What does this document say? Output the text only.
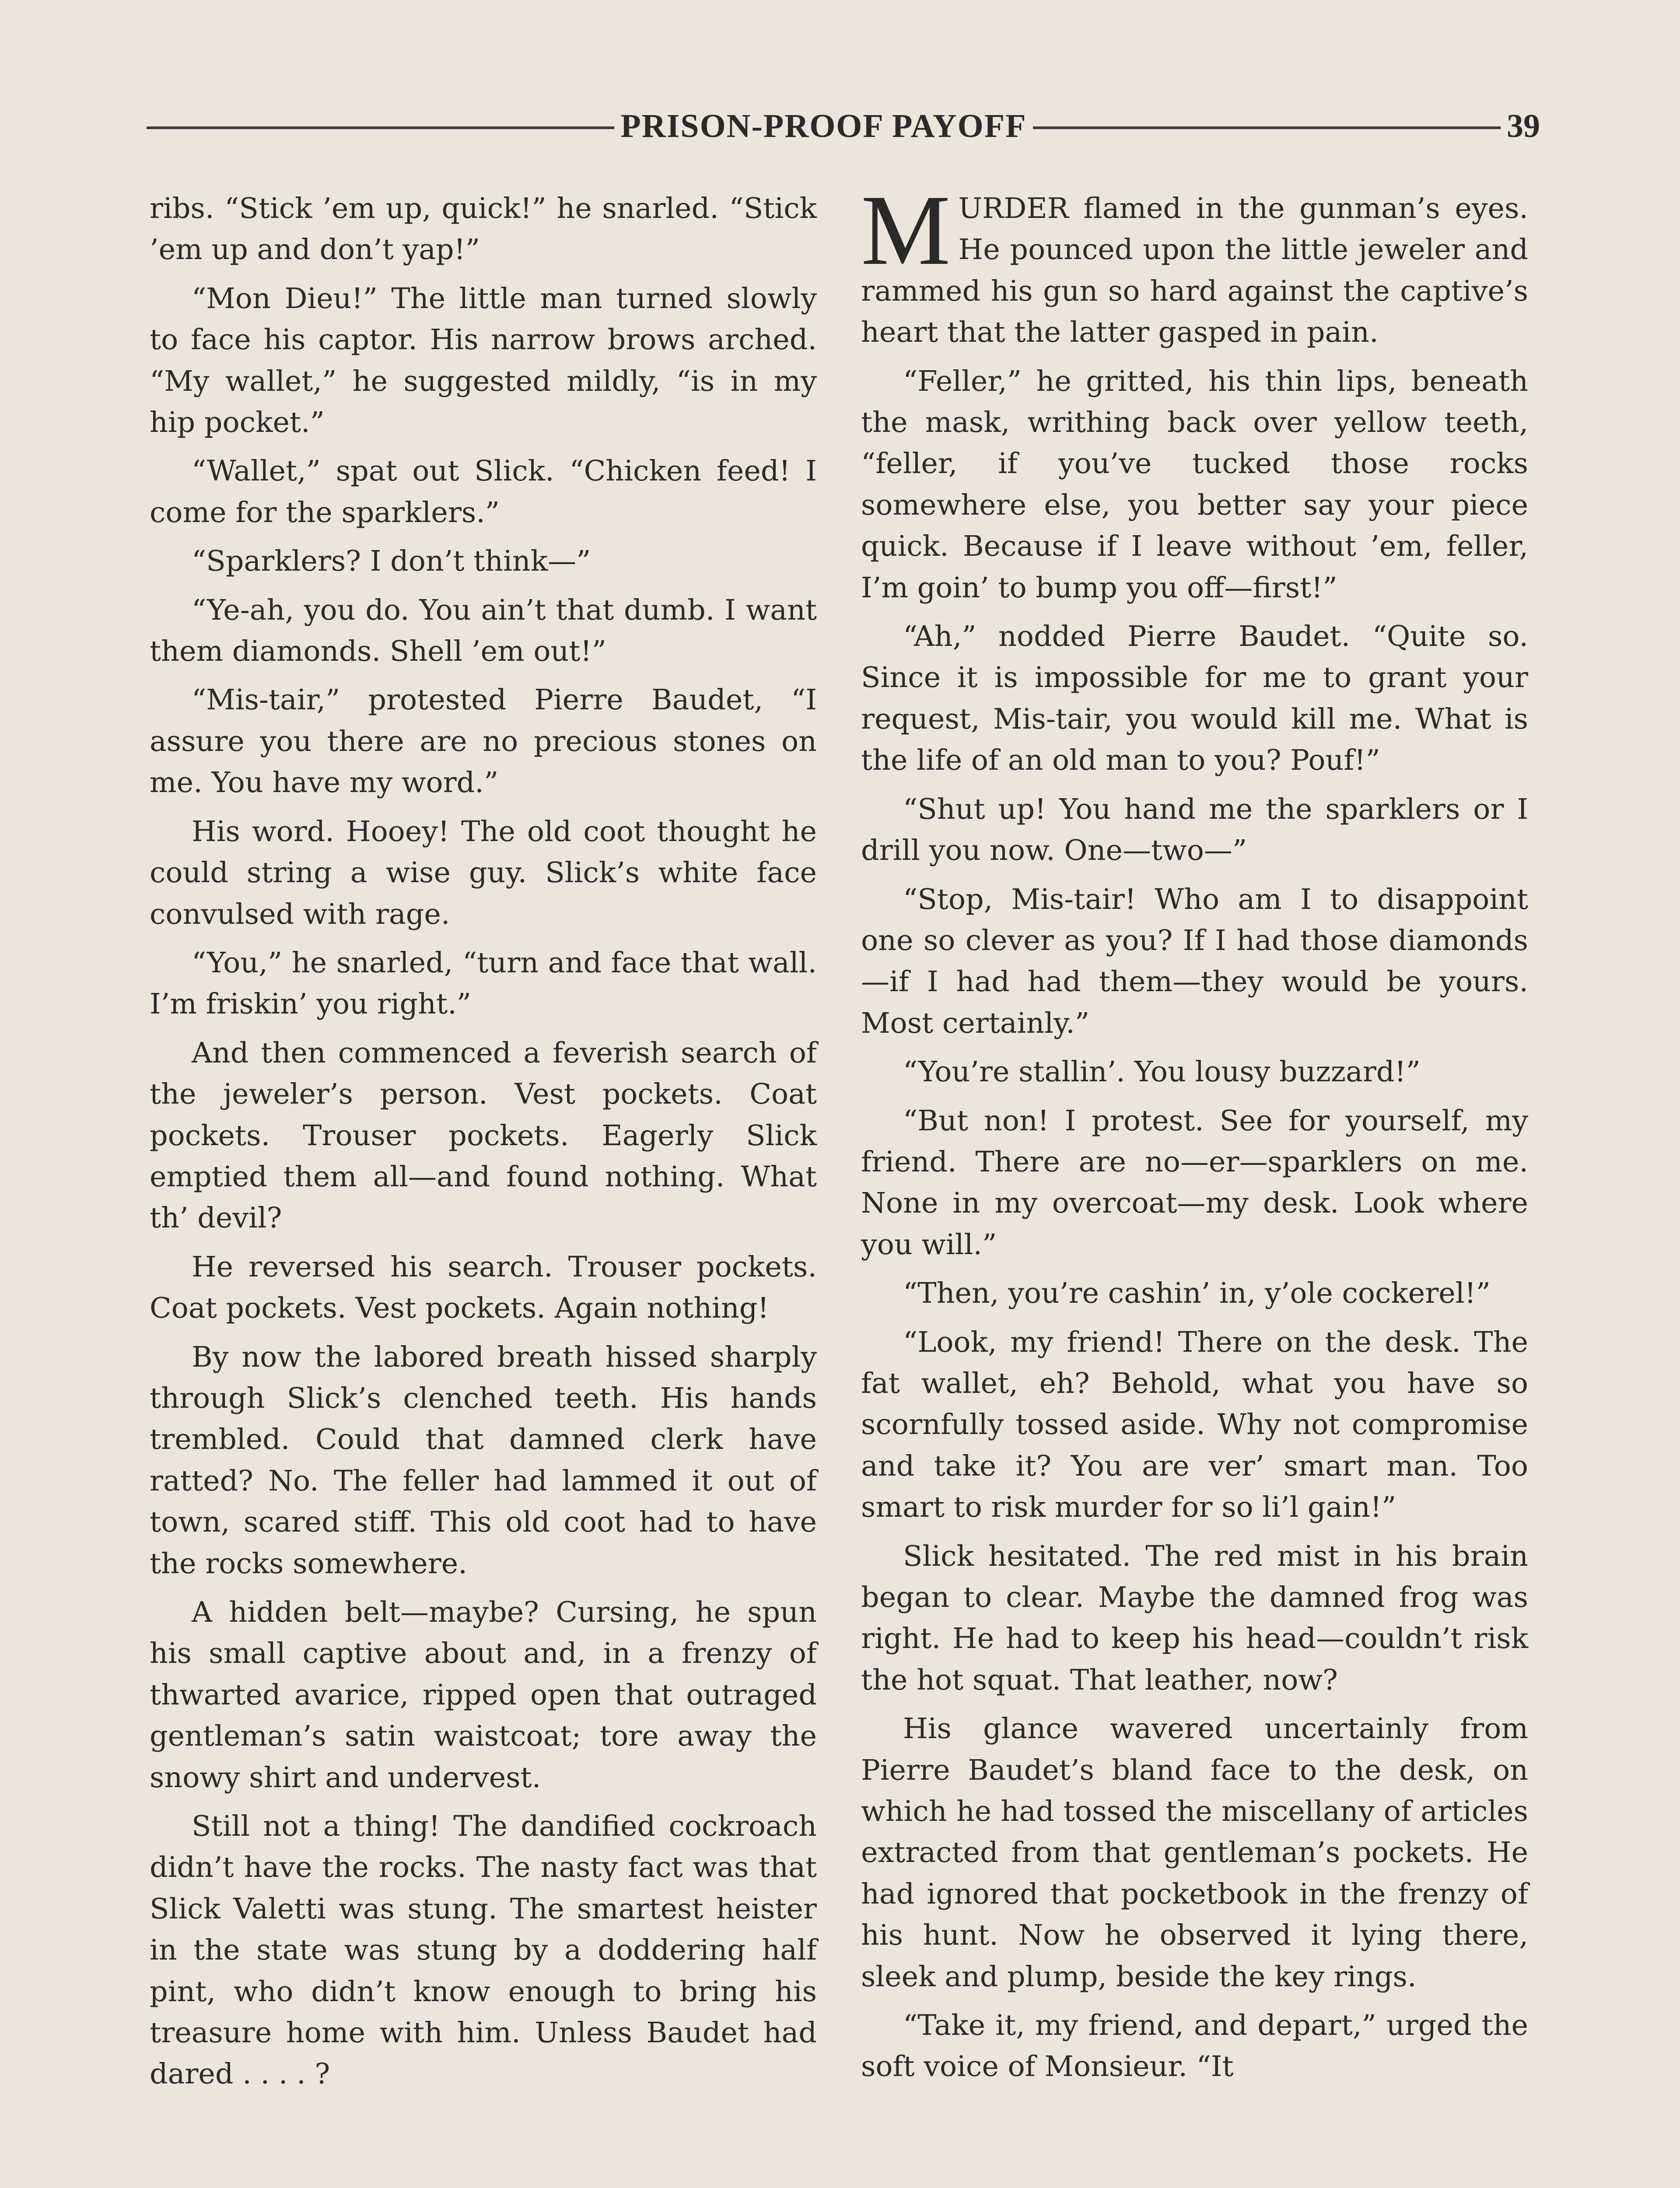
PRISON-PROOF PAYOFF	39

ribs. “Stick ’em up, quick!” he snarled. “Stick ’em up and don’t yap!”

“Mon Dieu!” The little man turned slowly to face his captor. His narrow brows arched. “My wallet,” he suggested mildly, “is in my hip pocket.”

“Wallet,” spat out Slick. “Chicken feed! I come for the sparklers.”

“Sparklers? I don’t think—”

“Ye-ah, you do. You ain’t that dumb. I want them diamonds. Shell ’em out!”

“Mis-tair,” protested Pierre Baudet, “I assure you there are no precious stones on me. You have my word.”

His word. Hooey! The old coot thought he could string a wise guy. Slick’s white face convulsed with rage.

“You,” he snarled, “turn and face that wall. I’m friskin’ you right.”

And then commenced a feverish search of the jeweler’s person. Vest pockets. Coat pockets. Trouser pockets. Eagerly Slick emptied them all—and found nothing. What th’ devil?

He reversed his search. Trouser pockets. Coat pockets. Vest pockets. Again nothing!

By now the labored breath hissed sharply through Slick’s clenched teeth. His hands trembled. Could that damned clerk have ratted? No. The feller had lammed it out of town, scared stiff. This old coot had to have the rocks somewhere.

A hidden belt—maybe? Cursing, he spun his small captive about and, in a frenzy of thwarted avarice, ripped open that outraged gentleman’s satin waistcoat; tore away the snowy shirt and undervest.

Still not a thing! The dandified cockroach didn’t have the rocks. The nasty fact was that Slick Valetti was stung. The smartest heister in the state was stung by a doddering half pint, who didn’t know enough to bring his treasure home with him. Unless Baudet had dared . . . . ?

MURDER flamed in the gunman’s eyes. He pounced upon the little jeweler and rammed his gun so hard against the captive’s heart that the latter gasped in pain.

“Feller,” he gritted, his thin lips, beneath the mask, writhing back over yellow teeth, “feller, if you’ve tucked those rocks somewhere else, you better say your piece quick. Because if I leave without ’em, feller, I’m goin’ to bump you off—first!”

“Ah,” nodded Pierre Baudet. “Quite so. Since it is impossible for me to grant your request, Mis-tair, you would kill me. What is the life of an old man to you? Pouf!”

“Shut up! You hand me the sparklers or I drill you now. One—two—”

“Stop, Mis-tair! Who am I to disappoint one so clever as you? If I had those diamonds—if I had had them—they would be yours. Most certainly.”

“You’re stallin’. You lousy buzzard!”

“But non! I protest. See for yourself, my friend. There are no—er—sparklers on me. None in my overcoat—my desk. Look where you will.”

“Then, you’re cashin’ in, y’ole cockerel!”

“Look, my friend! There on the desk. The fat wallet, eh? Behold, what you have so scornfully tossed aside. Why not compromise and take it? You are ver’ smart man. Too smart to risk murder for so li’l gain!”

Slick hesitated. The red mist in his brain began to clear. Maybe the damned frog was right. He had to keep his head—couldn’t risk the hot squat. That leather, now?

His glance wavered uncertainly from Pierre Baudet’s bland face to the desk, on which he had tossed the miscellany of articles extracted from that gentleman’s pockets. He had ignored that pocketbook in the frenzy of his hunt. Now he observed it lying there, sleek and plump, beside the key rings.

“Take it, my friend, and depart,” urged the soft voice of Monsieur. “It
